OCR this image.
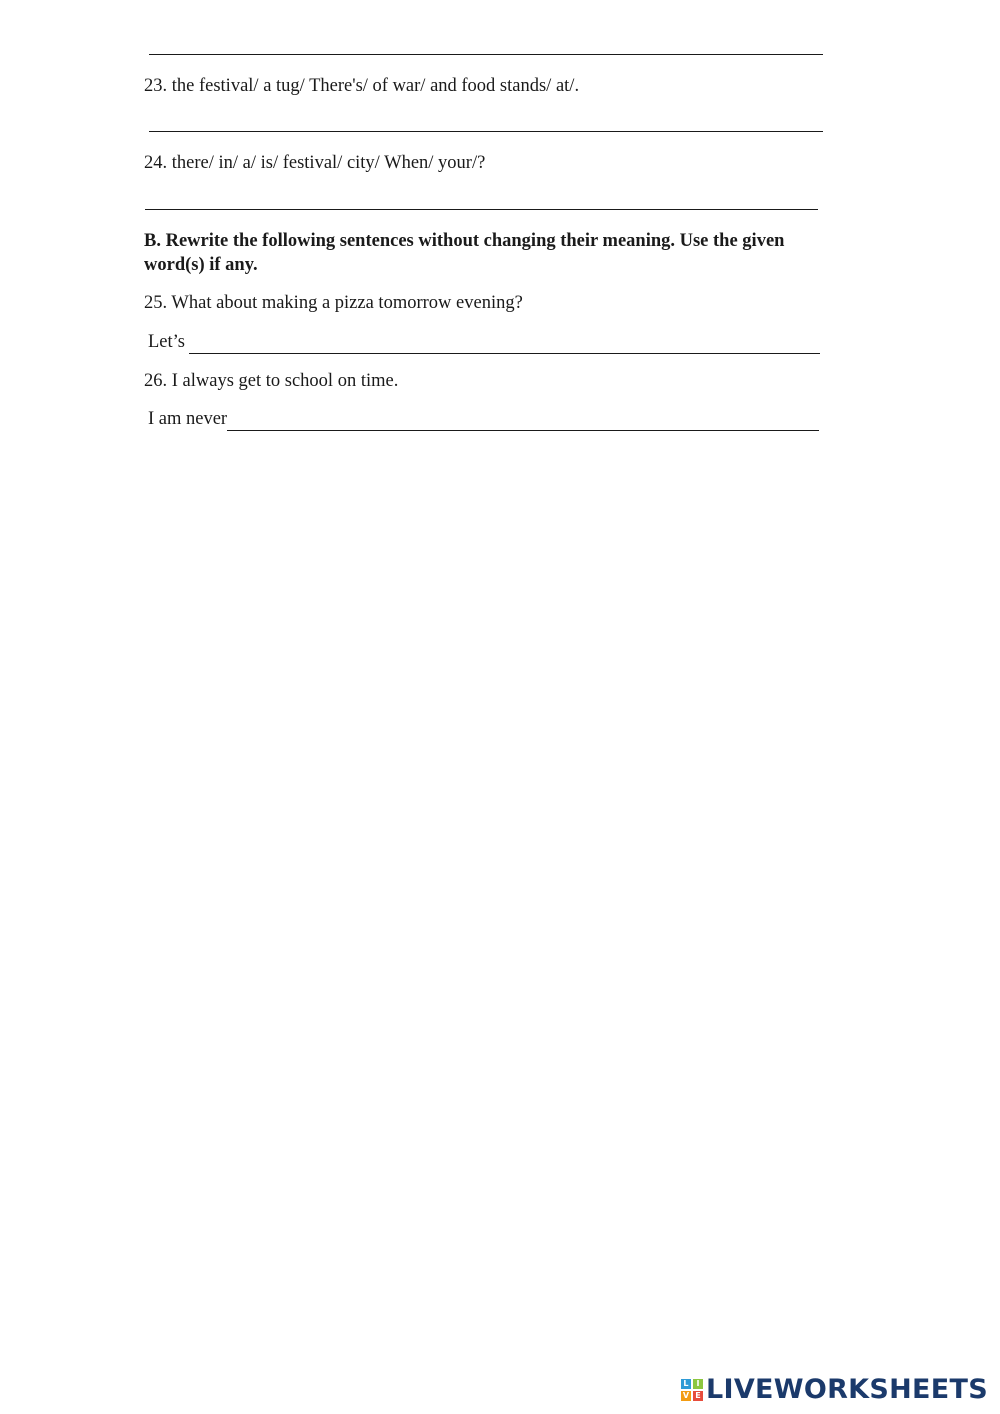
23. the festival/ a tug/ There's/ of war/ and food stands/ at/.
24. there/ in/ a/ is/ festival/ city/ When/ your/?
B. Rewrite the following sentences without changing their meaning. Use the given word(s) if any.
25. What about making a pizza tomorrow evening?
Let’s
26. I always get to school on time.
I am never
L I
V E LIVEWORKSHEETS
